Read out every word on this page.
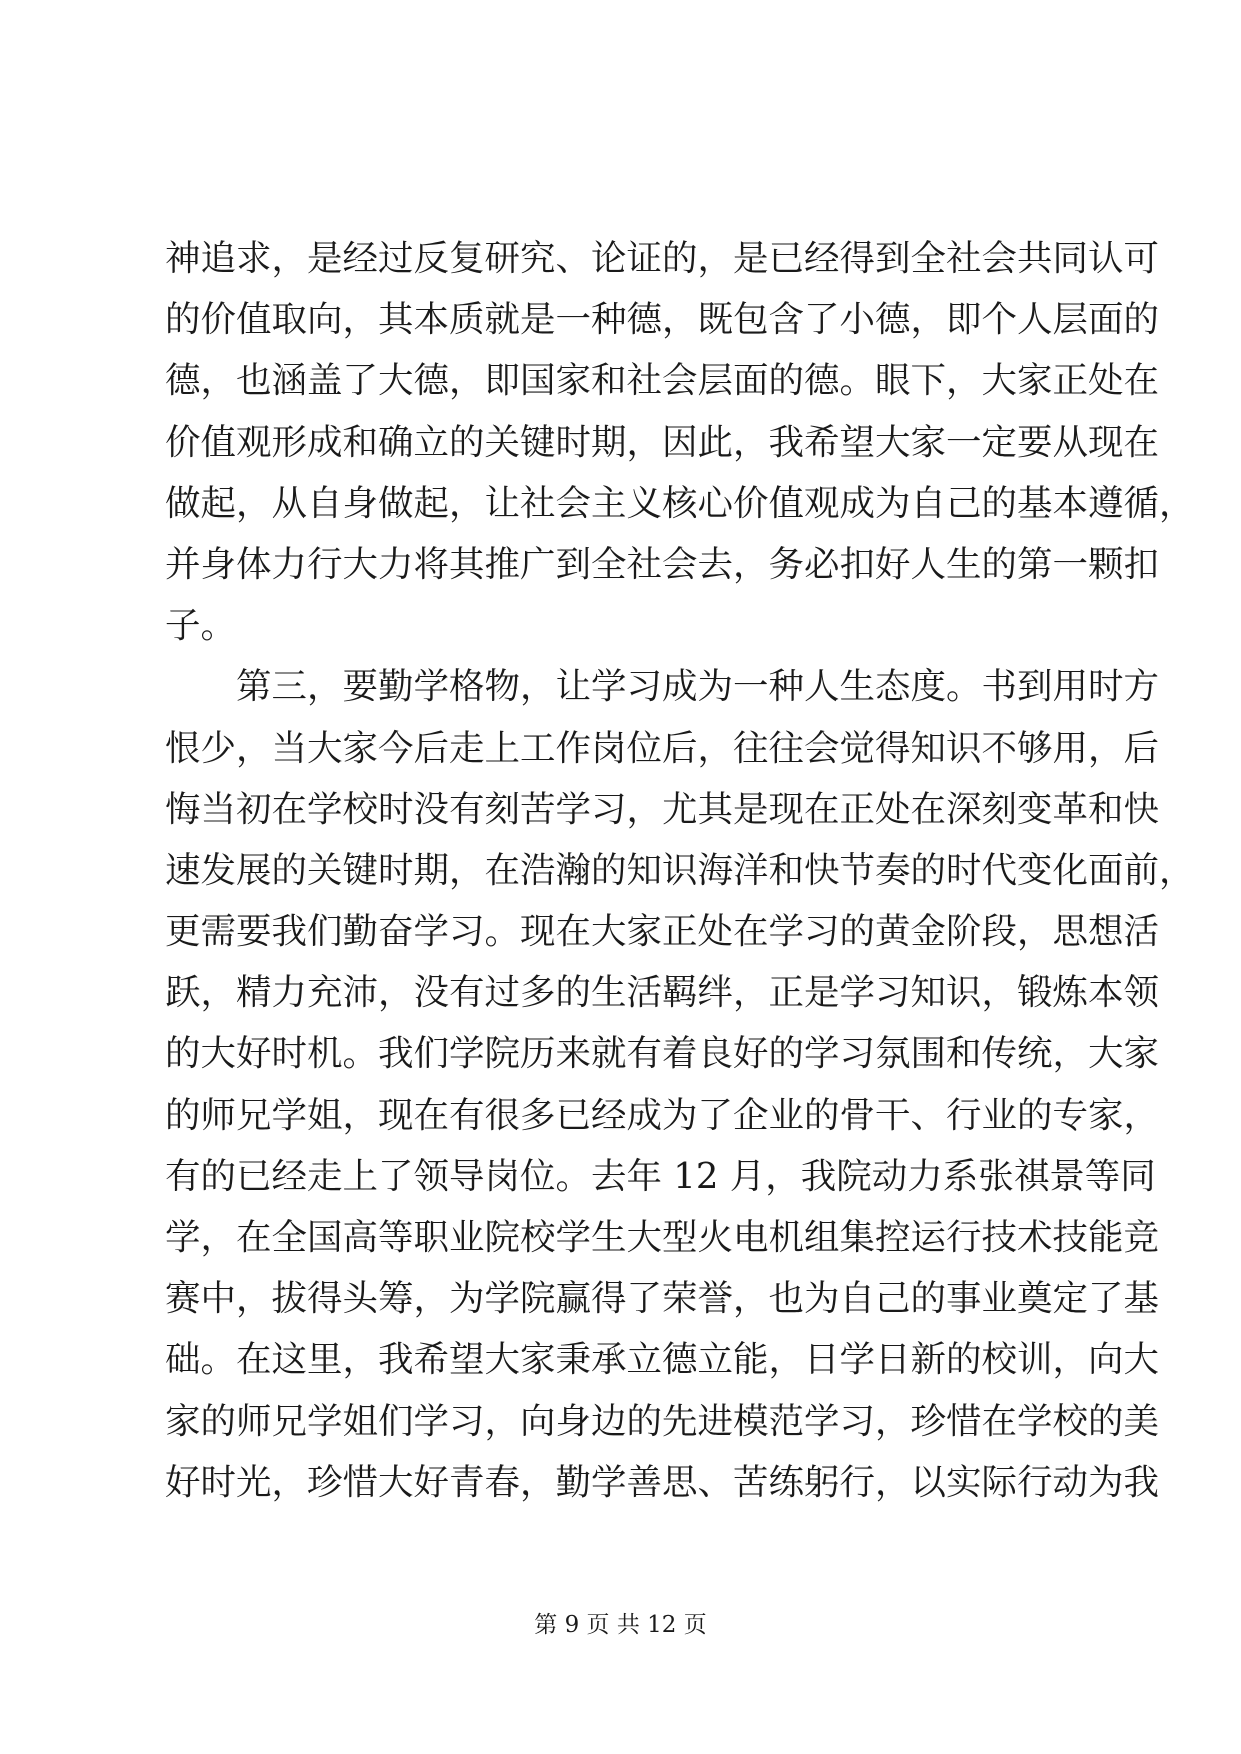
神追求，是经过反复研究、论证的，是已经得到全社会共同认可
的价值取向，其本质就是一种德，既包含了小德，即个人层面的
德，也涵盖了大德，即国家和社会层面的德。眼下，大家正处在
价值观形成和确立的关键时期，因此，我希望大家一定要从现在
做起，从自身做起，让社会主义核心价值观成为自己的基本遵循，
并身体力行大力将其推广到全社会去，务必扣好人生的第一颗扣
子。
　　第三，要勤学格物，让学习成为一种人生态度。书到用时方
恨少，当大家今后走上工作岗位后，往往会觉得知识不够用，后
悔当初在学校时没有刻苦学习，尤其是现在正处在深刻变革和快
速发展的关键时期，在浩瀚的知识海洋和快节奏的时代变化面前，
更需要我们勤奋学习。现在大家正处在学习的黄金阶段，思想活
跃，精力充沛，没有过多的生活羁绊，正是学习知识，锻炼本领
的大好时机。我们学院历来就有着良好的学习氛围和传统，大家
的师兄学姐，现在有很多已经成为了企业的骨干、行业的专家，
有的已经走上了领导岗位。去年 12 月，我院动力系张祺景等同
学，在全国高等职业院校学生大型火电机组集控运行技术技能竞
赛中，拔得头筹，为学院赢得了荣誉，也为自己的事业奠定了基
础。在这里，我希望大家秉承立德立能，日学日新的校训，向大
家的师兄学姐们学习，向身边的先进模范学习，珍惜在学校的美
好时光，珍惜大好青春，勤学善思、苦练躬行，以实际行动为我
第 9 页 共 12 页
